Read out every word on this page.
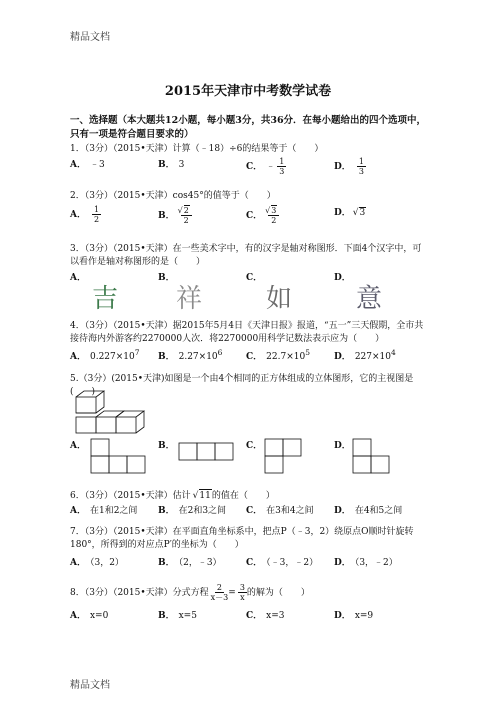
精品文档
2015年天津市中考数学试卷
一、选择题（本大题共12小题，每小题3分，共36分．在每小题给出的四个选项中，只有一项是符合题目要求的）
1．（3分）（2015•天津）计算（﹣18）÷6的结果等于（　　）
A． ﹣3	B． 3	C． ﹣ $\frac{1}{3}$	D． $\frac{1}{3}$
2．（3分）（2015•天津）cos45°的值等于（　　）
A． $\frac{1}{2}$	B． √ $\frac{2}{2}$	C． √ $\frac{3}{2}$	D． √ 3
3．（3分）（2015•天津）在一些美术字中，有的汉字是轴对称图形．下面4个汉字中，可以看作是轴对称图形的是（　　）
A．
吉
B．
祥
C．
如
D．
意
4．（3分）（2015•天津）据2015年5月4日《天津日报》报道，“五一”三天假期，全市共接待海内外游客约2270000人次．将2270000用科学记数法表示应为（　　）
A． $0.227\times 10^7$ B． $2.27\times 10^6$	C． $22.7\times 10^5$	D． $227\times 10^4$
5.（3分）(2015•天津)如图是一个由4个相同的正方体组成的立体图形，它的主视图是(　　)
A．	B．	C．	D．
6．（3分）（2015•天津）估计 √ 11的值在（　　）
A． 在1和2之间 B． 在2和3之间 C． 在3和4之间 D． 在4和5之间
7．（3分）（2015•天津）在平面直角坐标系中，把点P（﹣3，2）绕原点O顺时针旋转180°，所得到的对应点P′的坐标为（　　）
A． （3，2）	B． （2，﹣3）	C． （﹣3，﹣2） D． （3，﹣2）
8．（3分）（2015•天津）分式方程 $\frac{2}{x-3} = \frac{3}{x}$ 的解为（　　）
A． x=0	B． x=5	C． x=3	D． x=9
精品文档
